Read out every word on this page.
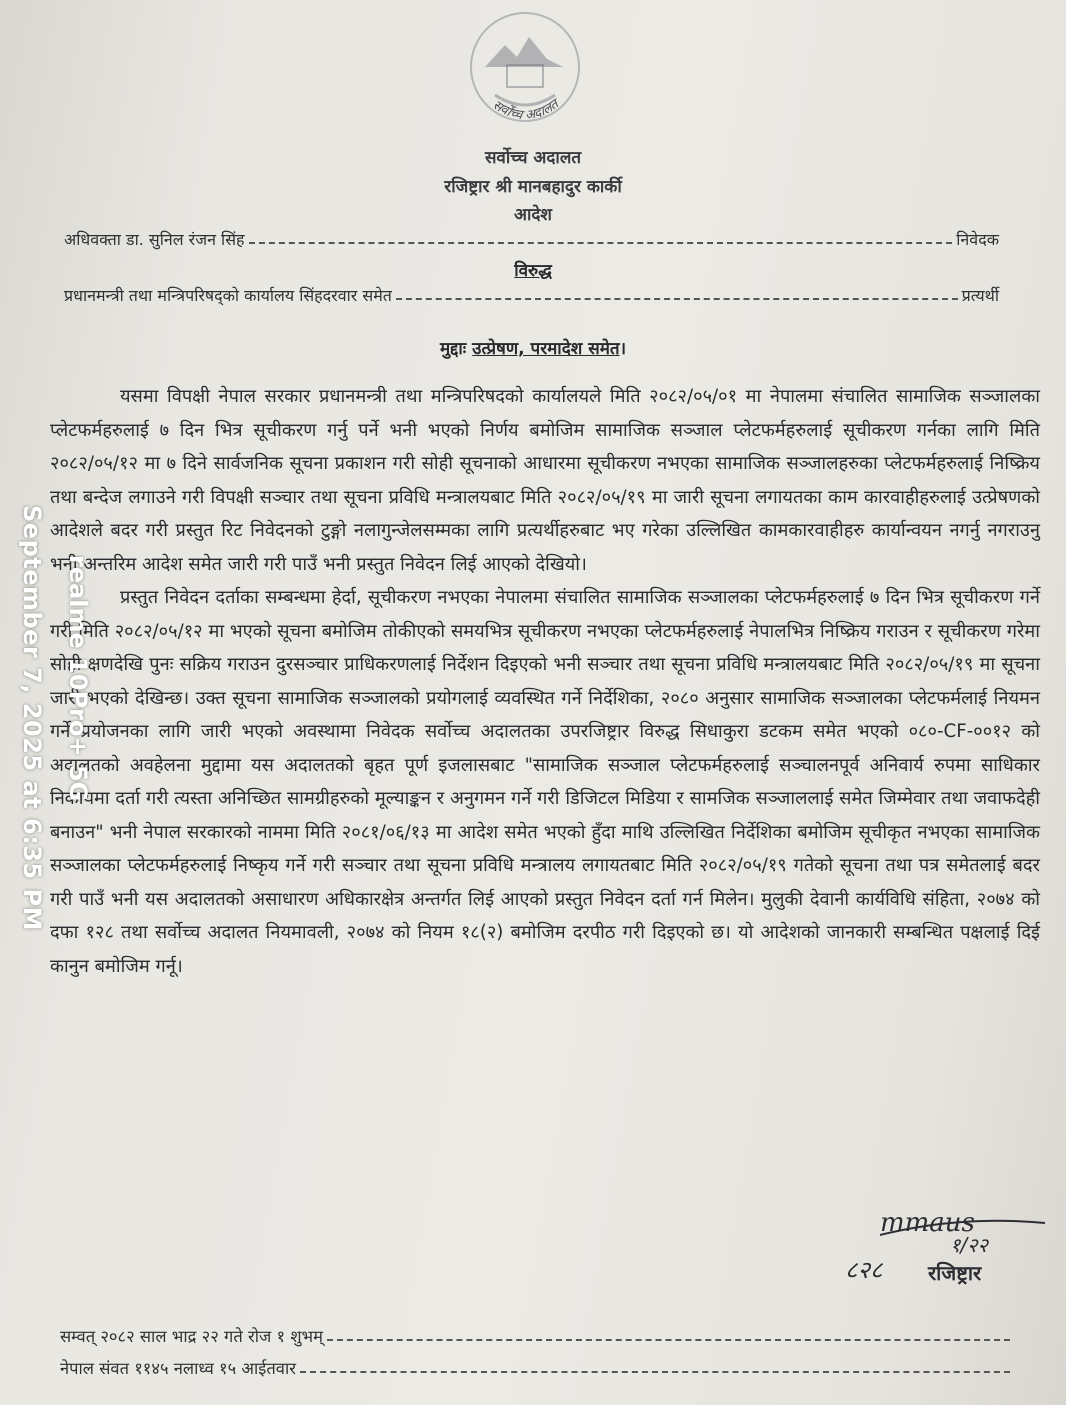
सर्वोच्च अदालत
सर्वोच्च अदालत
रजिष्ट्रार श्री मानबहादुर कार्की
आदेश
अधिवक्ता डा. सुनिल रंजन सिंह	निवेदक
विरुद्ध
प्रधानमन्त्री तथा मन्त्रिपरिषद्को कार्यालय सिंहदरवार समेत	प्रत्यर्थी
मुद्दाः उत्प्रेषण, परमादेश समेत।

यसमा विपक्षी नेपाल सरकार प्रधानमन्त्री तथा मन्त्रिपरिषदको कार्यालयले मिति २०८२/०५/०१ मा नेपालमा संचालित सामाजिक सञ्जालका प्लेटफर्महरुलाई ७ दिन भित्र सूचीकरण गर्नु पर्ने भनी भएको निर्णय बमोजिम सामाजिक सञ्जाल प्लेटफर्महरुलाई सूचीकरण गर्नका लागि मिति २०८२/०५/१२ मा ७ दिने सार्वजनिक सूचना प्रकाशन गरी सोही सूचनाको आधारमा सूचीकरण नभएका सामाजिक सञ्जालहरुका प्लेटफर्महरुलाई निष्क्रिय तथा बन्देज लगाउने गरी विपक्षी सञ्चार तथा सूचना प्रविधि मन्त्रालयबाट मिति २०८२/०५/१९ मा जारी सूचना लगायतका काम कारवाहीहरुलाई उत्प्रेषणको आदेशले बदर गरी प्रस्तुत रिट निवेदनको टुङ्गो नलागुन्जेलसम्मका लागि प्रत्यर्थीहरुबाट भए गरेका उल्लिखित कामकारवाहीहरु कार्यान्वयन नगर्नु नगराउनु भनी अन्तरिम आदेश समेत जारी गरी पाउँ भनी प्रस्तुत निवेदन लिई आएको देखियो।

प्रस्तुत निवेदन दर्ताका सम्बन्धमा हेर्दा, सूचीकरण नभएका नेपालमा संचालित सामाजिक सञ्जालका प्लेटफर्महरुलाई ७ दिन भित्र सूचीकरण गर्ने गरी मिति २०८२/०५/१२ मा भएको सूचना बमोजिम तोकीएको समयभित्र सूचीकरण नभएका प्लेटफर्महरुलाई नेपालभित्र निष्क्रिय गराउन र सूचीकरण गरेमा सोही क्षणदेखि पुनः सक्रिय गराउन दुरसञ्चार प्राधिकरणलाई निर्देशन दिइएको भनी सञ्चार तथा सूचना प्रविधि मन्त्रालयबाट मिति २०८२/०५/१९ मा सूचना जारी भएको देखिन्छ। उक्त सूचना सामाजिक सञ्जालको प्रयोगलाई व्यवस्थित गर्ने निर्देशिका, २०८० अनुसार सामाजिक सञ्जालका प्लेटफर्मलाई नियमन गर्ने प्रयोजनका लागि जारी भएको अवस्थामा निवेदक सर्वोच्च अदालतका उपरजिष्ट्रार विरुद्ध सिधाकुरा डटकम समेत भएको ०८०-CF-००१२ को अदालतको अवहेलना मुद्दामा यस अदालतको बृहत पूर्ण इजलासबाट "सामाजिक सञ्जाल प्लेटफर्महरुलाई सञ्चालनपूर्व अनिवार्य रुपमा साधिकार निकायमा दर्ता गरी त्यस्ता अनिच्छित सामग्रीहरुको मूल्याङ्कन र अनुगमन गर्ने गरी डिजिटल मिडिया र सामजिक सञ्जाललाई समेत जिम्मेवार तथा जवाफदेही बनाउन" भनी नेपाल सरकारको नाममा मिति २०८१/०६/१३ मा आदेश समेत भएको हुँदा माथि उल्लिखित निर्देशिका बमोजिम सूचीकृत नभएका सामाजिक सञ्जालका प्लेटफर्महरुलाई निष्कृय गर्ने गरी सञ्चार तथा सूचना प्रविधि मन्त्रालय लगायतबाट मिति २०८२/०५/१९ गतेको सूचना तथा पत्र समेतलाई बदर गरी पाउँ भनी यस अदालतको असाधारण अधिकारक्षेत्र अन्तर्गत लिई आएको प्रस्तुत निवेदन दर्ता गर्न मिलेन। मुलुकी देवानी कार्यविधि संहिता, २०७४ को दफा १२८ तथा सर्वोच्च अदालत नियमावली, २०७४ को नियम १८(२) बमोजिम दरपीठ गरी दिइएको छ। यो आदेशको जानकारी सम्बन्धित पक्षलाई दिई कानुन बमोजिम गर्नू।

mmaus
८२८
१/२२
रजिष्ट्रार
सम्वत् २०८२ साल भाद्र २२ गते रोज १ शुभम्
नेपाल संवत ११४५ नलाध्व १५ आईतवार
September 7, 2025 at 6:35 PM realme 10Pro+ 5G
